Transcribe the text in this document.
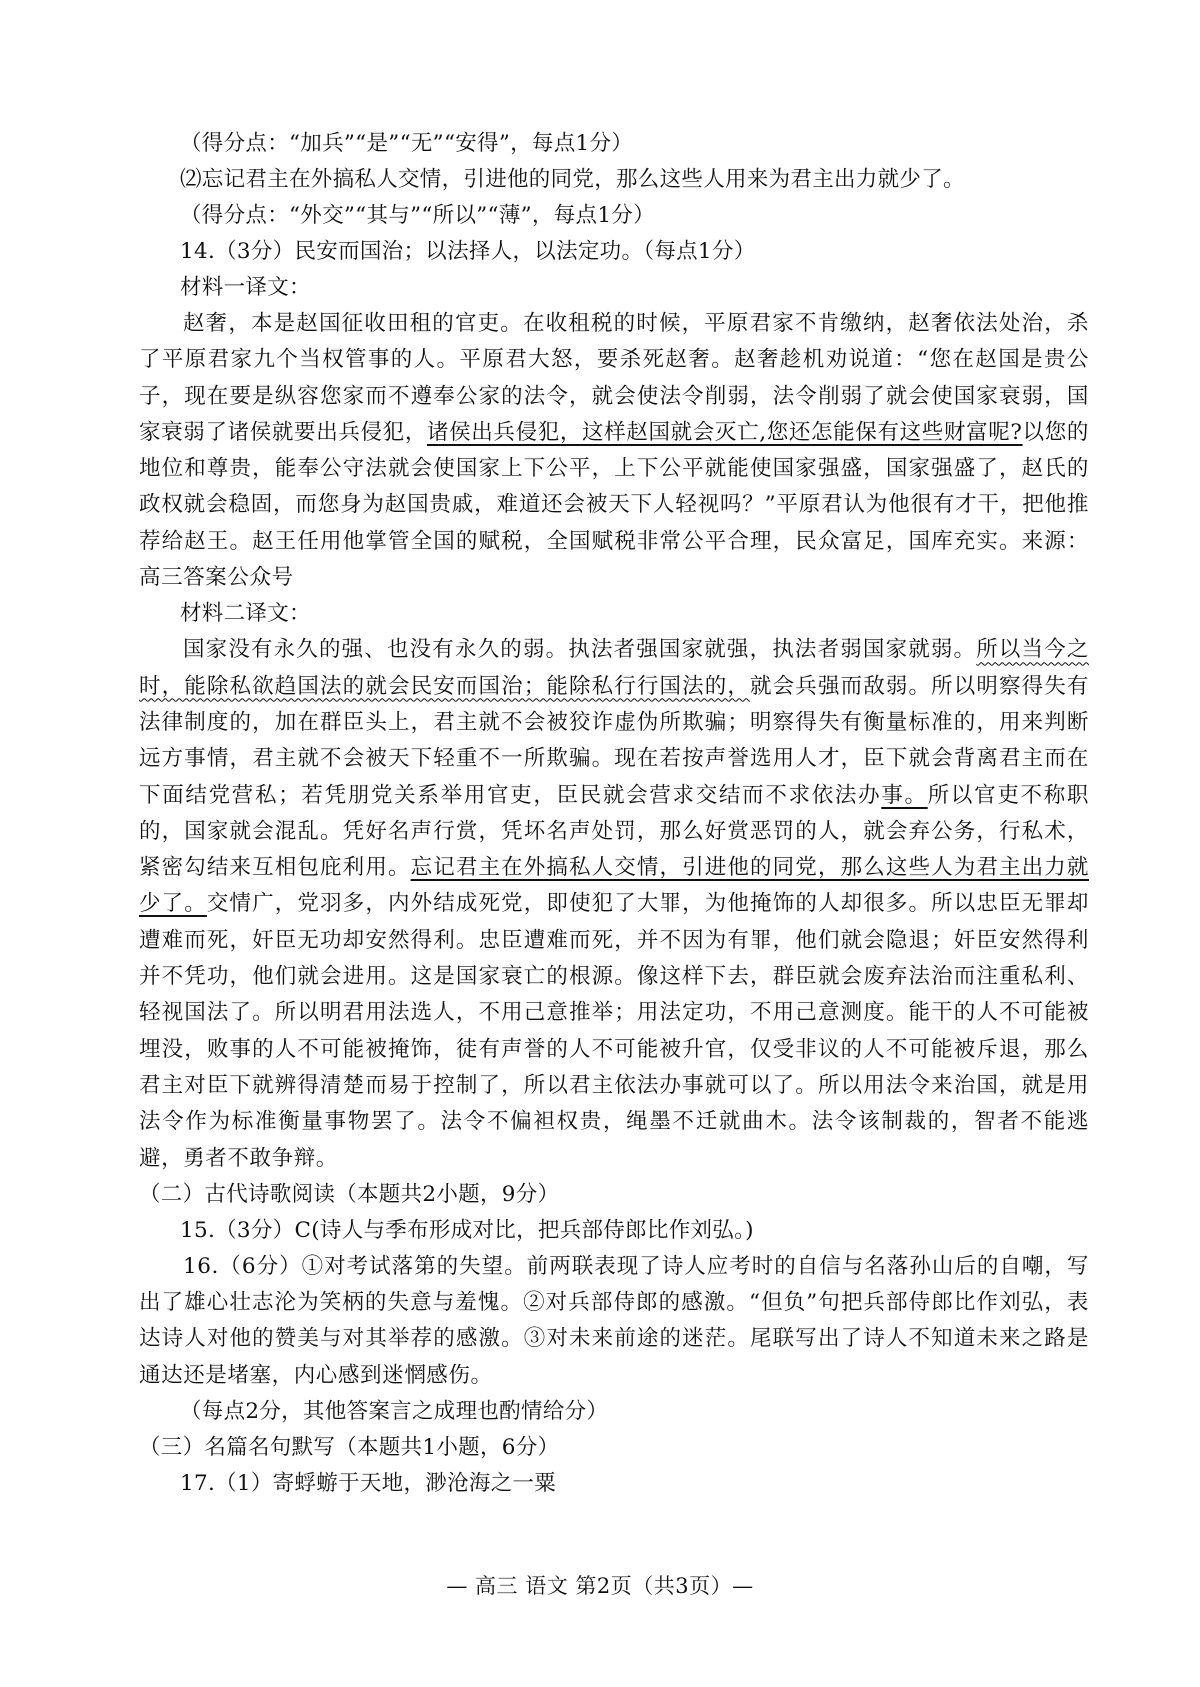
（得分点：“加兵”“是”“无”“安得”，每点1分）
⑵忘记君主在外搞私人交情，引进他的同党，那么这些人用来为君主出力就少了。
（得分点：“外交”“其与”“所以”“薄”，每点1分）
14.（3分）民安而国治；以法择人，以法定功。（每点1分）
材料一译文：

赵奢，本是赵国征收田租的官吏。在收租税的时候，平原君家不肯缴纳，赵奢依法处治，杀了平原君家九个当权管事的人。平原君大怒，要杀死赵奢。赵奢趁机劝说道：“您在赵国是贵公子，现在要是纵容您家而不遵奉公家的法令，就会使法令削弱，法令削弱了就会使国家衰弱，国家衰弱了诸侯就要出兵侵犯，诸侯出兵侵犯，这样赵国就会灭亡,您还怎能保有这些财富呢?以您的地位和尊贵，能奉公守法就会使国家上下公平，上下公平就能使国家强盛，国家强盛了，赵氏的政权就会稳固，而您身为赵国贵戚，难道还会被天下人轻视吗？”平原君认为他很有才干，把他推荐给赵王。赵王任用他掌管全国的赋税，全国赋税非常公平合理，民众富足，国库充实。来源：高三答案公众号

材料二译文：

国家没有永久的强、也没有永久的弱。执法者强国家就强，执法者弱国家就弱。所以当今之时，能除私欲趋国法的就会民安而国治；能除私行行国法的，就会兵强而敌弱。所以明察得失有法律制度的，加在群臣头上，君主就不会被狡诈虚伪所欺骗；明察得失有衡量标准的，用来判断远方事情，君主就不会被天下轻重不一所欺骗。现在若按声誉选用人才，臣下就会背离君主而在下面结党营私；若凭朋党关系举用官吏，臣民就会营求交结而不求依法办事。所以官吏不称职的，国家就会混乱。凭好名声行赏，凭坏名声处罚，那么好赏恶罚的人，就会弃公务，行私术，紧密勾结来互相包庇利用。忘记君主在外搞私人交情，引进他的同党，那么这些人为君主出力就少了。交情广，党羽多，内外结成死党，即使犯了大罪，为他掩饰的人却很多。所以忠臣无罪却遭难而死，奸臣无功却安然得利。忠臣遭难而死，并不因为有罪，他们就会隐退；奸臣安然得利并不凭功，他们就会进用。这是国家衰亡的根源。像这样下去，群臣就会废弃法治而注重私利、轻视国法了。所以明君用法选人，不用己意推举；用法定功，不用己意测度。能干的人不可能被埋没，败事的人不可能被掩饰，徒有声誉的人不可能被升官，仅受非议的人不可能被斥退，那么君主对臣下就辨得清楚而易于控制了，所以君主依法办事就可以了。所以用法令来治国，就是用法令作为标准衡量事物罢了。法令不偏袒权贵，绳墨不迁就曲木。法令该制裁的，智者不能逃避，勇者不敢争辩。

（二）古代诗歌阅读（本题共2小题，9分）
15.（3分）C(诗人与季布形成对比，把兵部侍郎比作刘弘。)

16.（6分）①对考试落第的失望。前两联表现了诗人应考时的自信与名落孙山后的自嘲，写出了雄心壮志沦为笑柄的失意与羞愧。②对兵部侍郎的感激。“但负”句把兵部侍郎比作刘弘，表达诗人对他的赞美与对其举荐的感激。③对未来前途的迷茫。尾联写出了诗人不知道未来之路是通达还是堵塞，内心感到迷惘感伤。

（每点2分，其他答案言之成理也酌情给分）
（三）名篇名句默写（本题共1小题，6分）
17.（1）寄蜉蝣于天地，渺沧海之一粟
— 高三 语文 第2页（共3页）—
